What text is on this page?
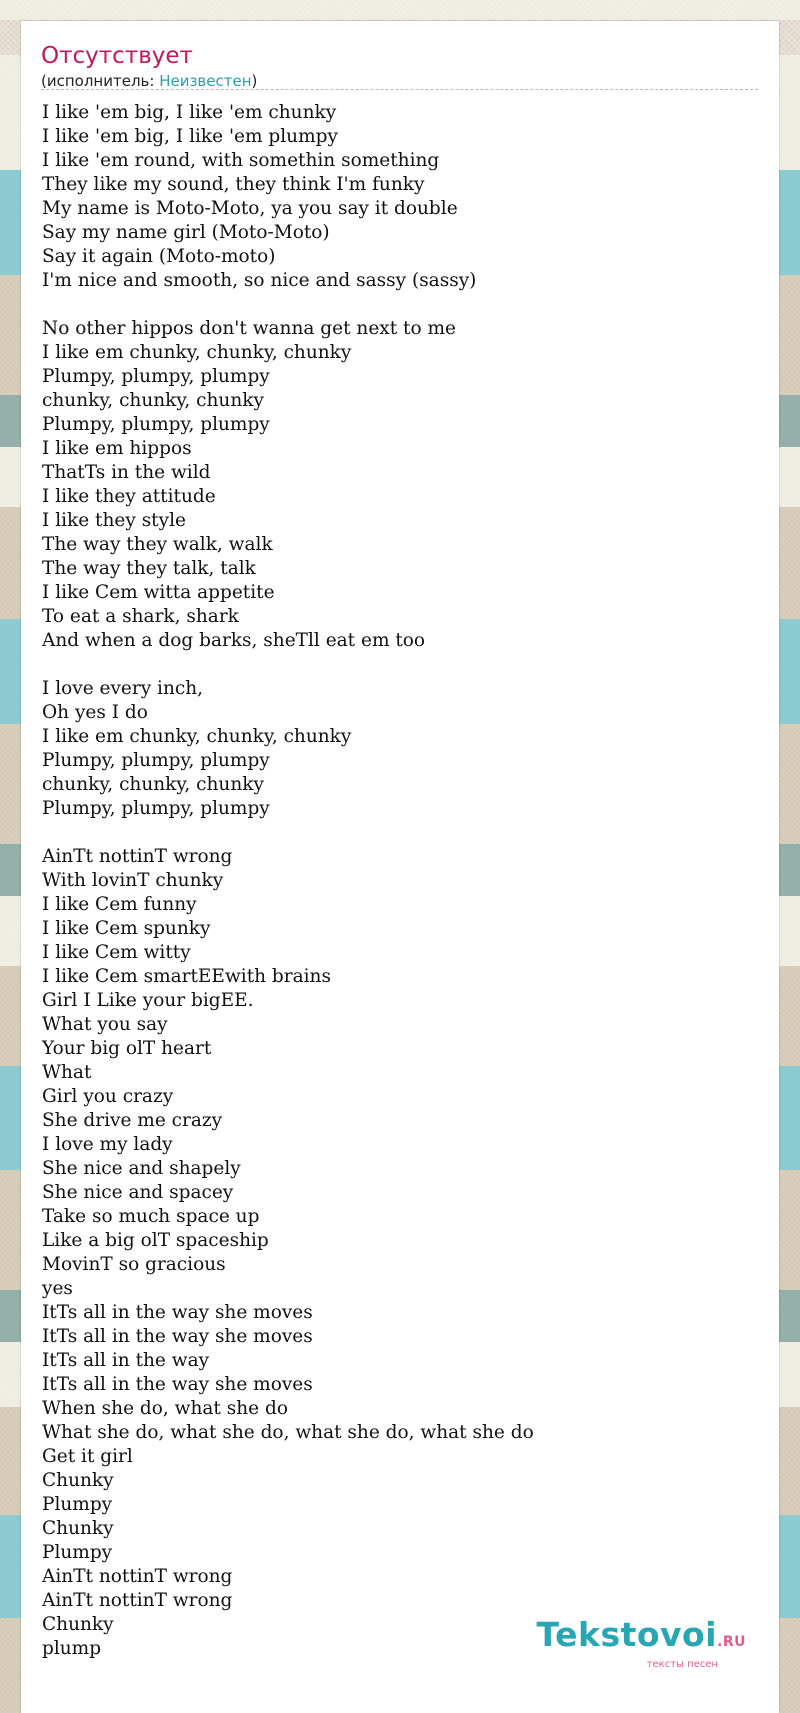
Отсутствует
(исполнитель: Неизвестен)
I like 'em big, I like 'em chunky
I like 'em big, I like 'em plumpy
I like 'em round, with somethin something
They like my sound, they think I'm funky
My name is Moto-Moto, ya you say it double
Say my name girl (Moto-Moto)
Say it again (Moto-moto)
I'm nice and smooth, so nice and sassy (sassy)
No other hippos don't wanna get next to me
I like em chunky, chunky, chunky
Plumpy, plumpy, plumpy
chunky, chunky, chunky
Plumpy, plumpy, plumpy
I like em hippos
ThatTs in the wild
I like they attitude
I like they style
The way they walk, walk
The way they talk, talk
I like Cem witta appetite
To eat a shark, shark
And when a dog barks, sheTll eat em too
I love every inch,
Oh yes I do
I like em chunky, chunky, chunky
Plumpy, plumpy, plumpy
chunky, chunky, chunky
Plumpy, plumpy, plumpy
AinTt nottinT wrong
With lovinT chunky
I like Cem funny
I like Cem spunky
I like Cem witty
I like Cem smartEEwith brains
Girl I Like your bigEE.
What you say
Your big olT heart
What
Girl you crazy
She drive me crazy
I love my lady
She nice and shapely
She nice and spacey
Take so much space up
Like a big olT spaceship
MovinT so gracious
yes
ItTs all in the way she moves
ItTs all in the way she moves
ItTs all in the way
ItTs all in the way she moves
When she do, what she do
What she do, what she do, what she do, what she do
Get it girl
Chunky
Plumpy
Chunky
Plumpy
AinTt nottinT wrong
AinTt nottinT wrong
Chunky
plump	Tekstovoi.RU
тексты песен
